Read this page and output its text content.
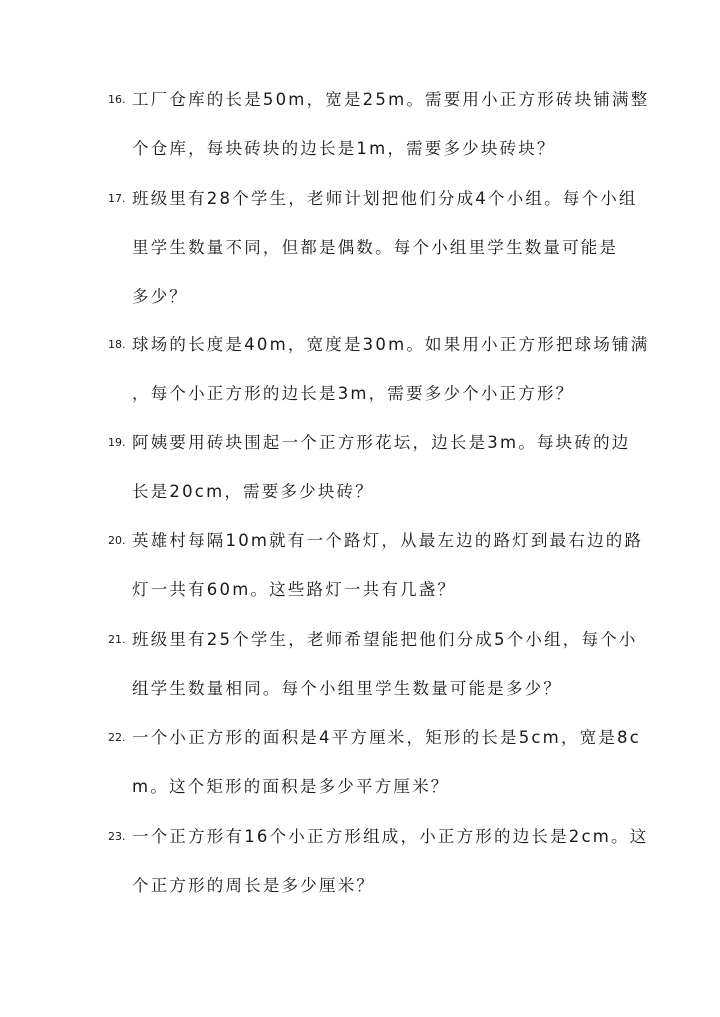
16. 工厂仓库的长是50m，宽是25m。需要用小正方形砖块铺满整
个仓库，每块砖块的边长是1m，需要多少块砖块？
17. 班级里有28个学生，老师计划把他们分成4个小组。每个小组
里学生数量不同，但都是偶数。每个小组里学生数量可能是
多少？
18. 球场的长度是40m，宽度是30m。如果用小正方形把球场铺满
，每个小正方形的边长是3m，需要多少个小正方形？
19. 阿姨要用砖块围起一个正方形花坛，边长是3m。每块砖的边
长是20cm，需要多少块砖？
20. 英雄村每隔10m就有一个路灯，从最左边的路灯到最右边的路
灯一共有60m。这些路灯一共有几盏？
21. 班级里有25个学生，老师希望能把他们分成5个小组，每个小
组学生数量相同。每个小组里学生数量可能是多少？
22. 一个小正方形的面积是4平方厘米，矩形的长是5cm，宽是8c
m。这个矩形的面积是多少平方厘米？
23. 一个正方形有16个小正方形组成，小正方形的边长是2cm。这
个正方形的周长是多少厘米？
